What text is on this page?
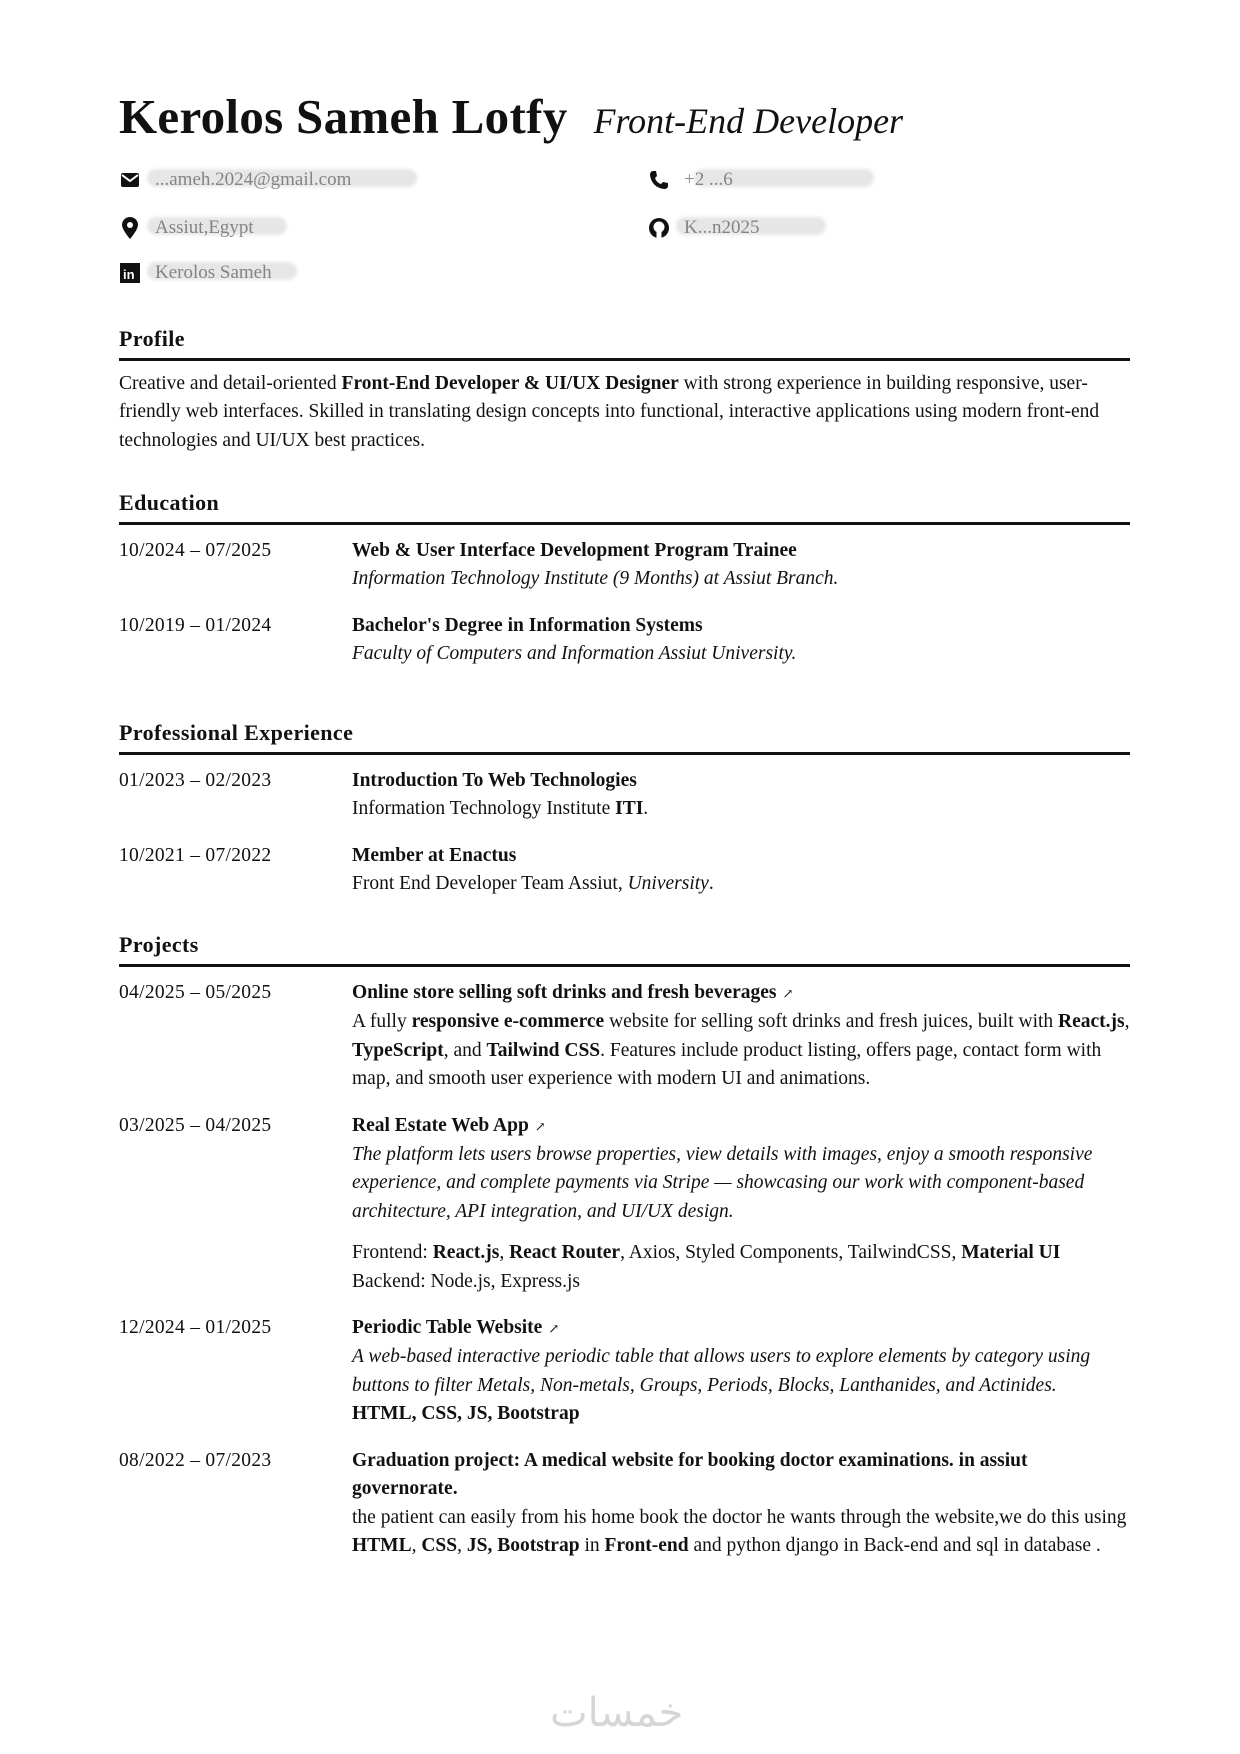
Kerolos Sameh Lotfy Front-End Developer
...ameh.2024@gmail.com
Assiut,Egypt
in Kerolos Sameh
+2 ...6
K...n2025
Profile

Creative and detail-oriented Front-End Developer & UI/UX Designer with strong experience in building responsive, user-friendly web interfaces. Skilled in translating design concepts into functional, interactive applications using modern front-end technologies and UI/UX best practices.

Education
10/2024 – 07/2025	Web & User Interface Development Program Trainee
Information Technology Institute (9 Months) at Assiut Branch.
10/2019 – 01/2024	Bachelor's Degree in Information Systems
Faculty of Computers and Information Assiut University.
Professional Experience
01/2023 – 02/2023	Introduction To Web Technologies
Information Technology Institute ITI.
10/2021 – 07/2022	Member at Enactus
Front End Developer Team Assiut, University.
Projects
04/2025 – 05/2025	Online store selling soft drinks and fresh beverages ↗
A fully responsive e-commerce website for selling soft drinks and fresh juices, built with React.js, TypeScript, and Tailwind CSS. Features include product listing, offers page, contact form with map, and smooth user experience with modern UI and animations.
03/2025 – 04/2025	Real Estate Web App ↗
The platform lets users browse properties, view details with images, enjoy a smooth responsive experience, and complete payments via Stripe — showcasing our work with component-based architecture, API integration, and UI/UX design.
Frontend: React.js, React Router, Axios, Styled Components, TailwindCSS, Material UI
Backend: Node.js, Express.js
12/2024 – 01/2025	Periodic Table Website ↗
A web-based interactive periodic table that allows users to explore elements by category using buttons to filter Metals, Non-metals, Groups, Periods, Blocks, Lanthanides, and Actinides.
HTML, CSS, JS, Bootstrap
08/2022 – 07/2023	Graduation project: A medical website for booking doctor examinations. in assiut governorate.
the patient can easily from his home book the doctor he wants through the website,we do this using HTML, CSS, JS, Bootstrap in Front-end and python django in Back-end and sql in database .
خمسات
